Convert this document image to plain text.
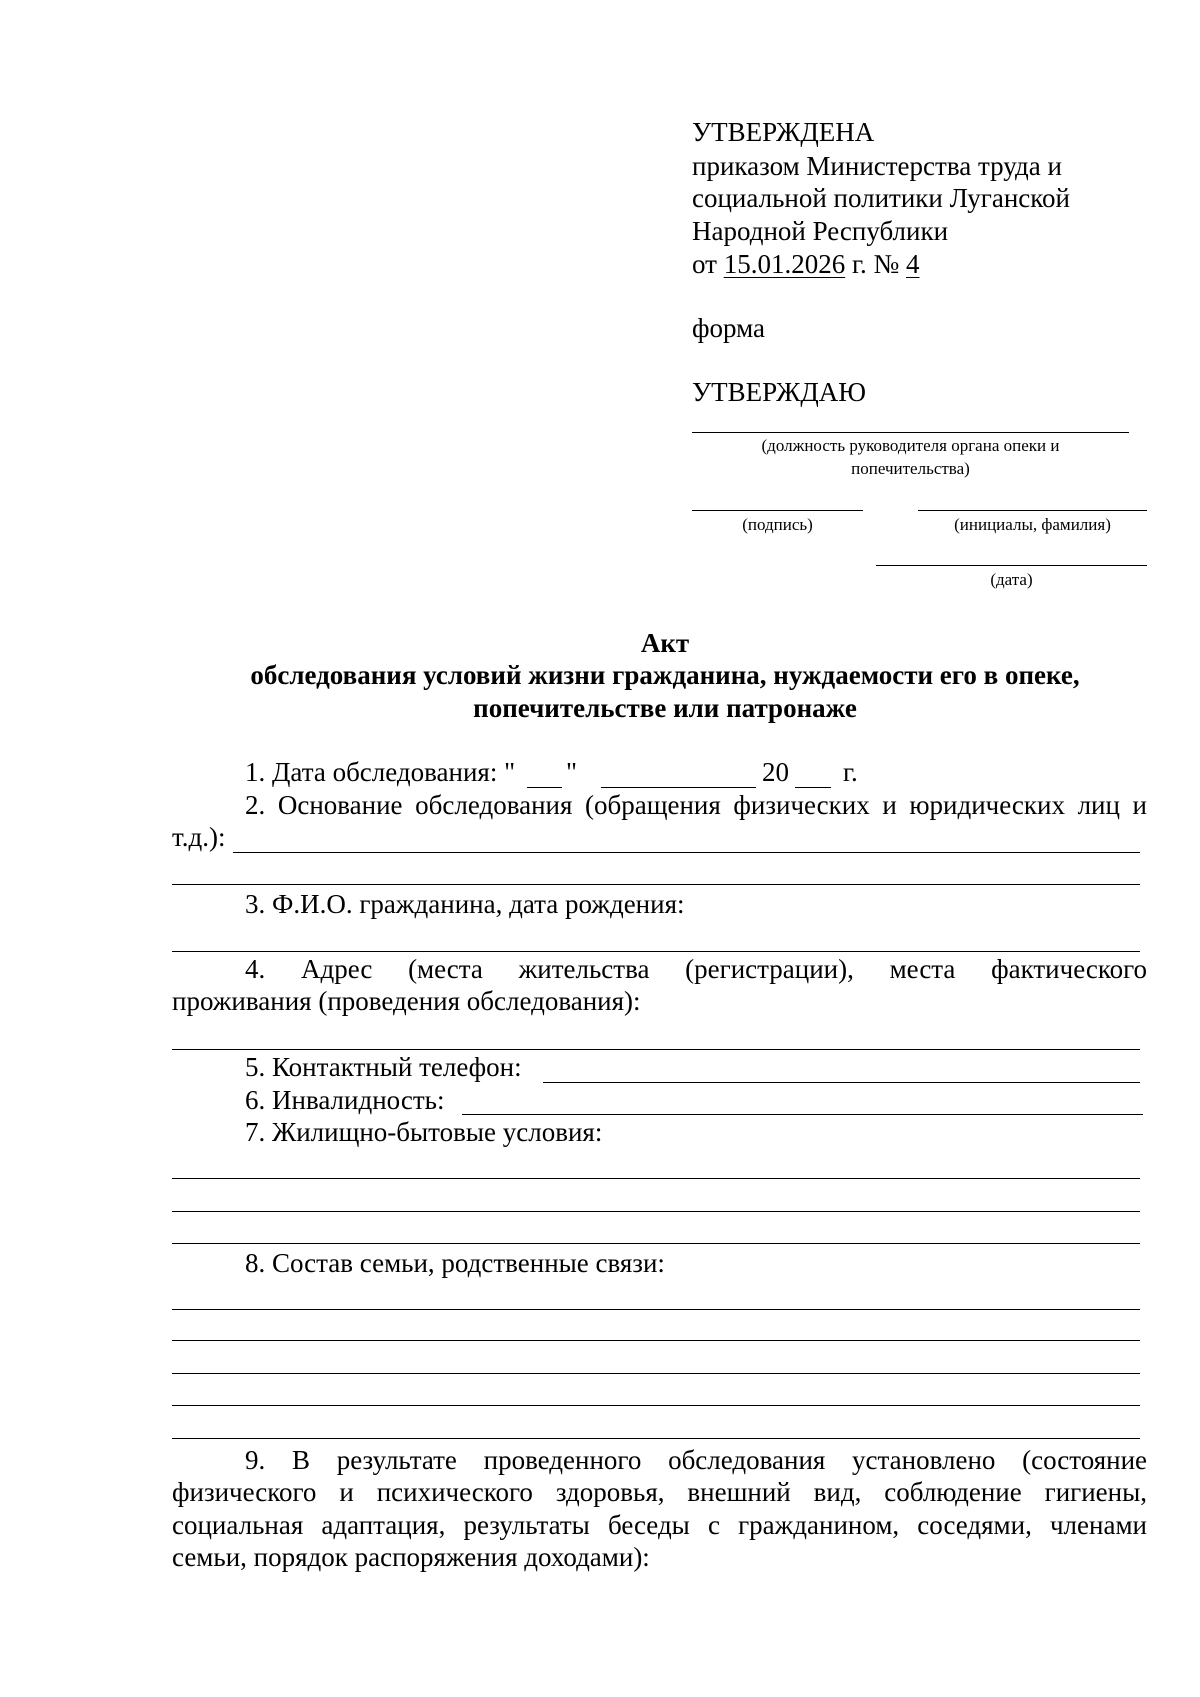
УТВЕРЖДЕНА
приказом Министерства труда и
социальной политики Луганской
Народной Республики
от 15.01.2026 г. № 4
форма
УТВЕРЖДАЮ
(должность руководителя органа опеки и
попечительства)
(подпись)	(инициалы, фамилия)
(дата)
Акт
обследования условий жизни гражданина, нуждаемости его в опеке,
попечительстве или патронаже
1. Дата обследования: " "	20 г.
2. Основание обследования (обращения физических и юридических лиц и
т.д.):
3. Ф.И.О. гражданина, дата рождения:
4. Адрес (места жительства (регистрации), места фактического
проживания (проведения обследования):
5. Контактный телефон:
6. Инвалидность:
7. Жилищно-бытовые условия:
8. Состав семьи, родственные связи:
9. В результате проведенного обследования установлено (состояние
физического и психического здоровья, внешний вид, соблюдение гигиены,
социальная адаптация, результаты беседы с гражданином, соседями, членами
семьи, порядок распоряжения доходами):
